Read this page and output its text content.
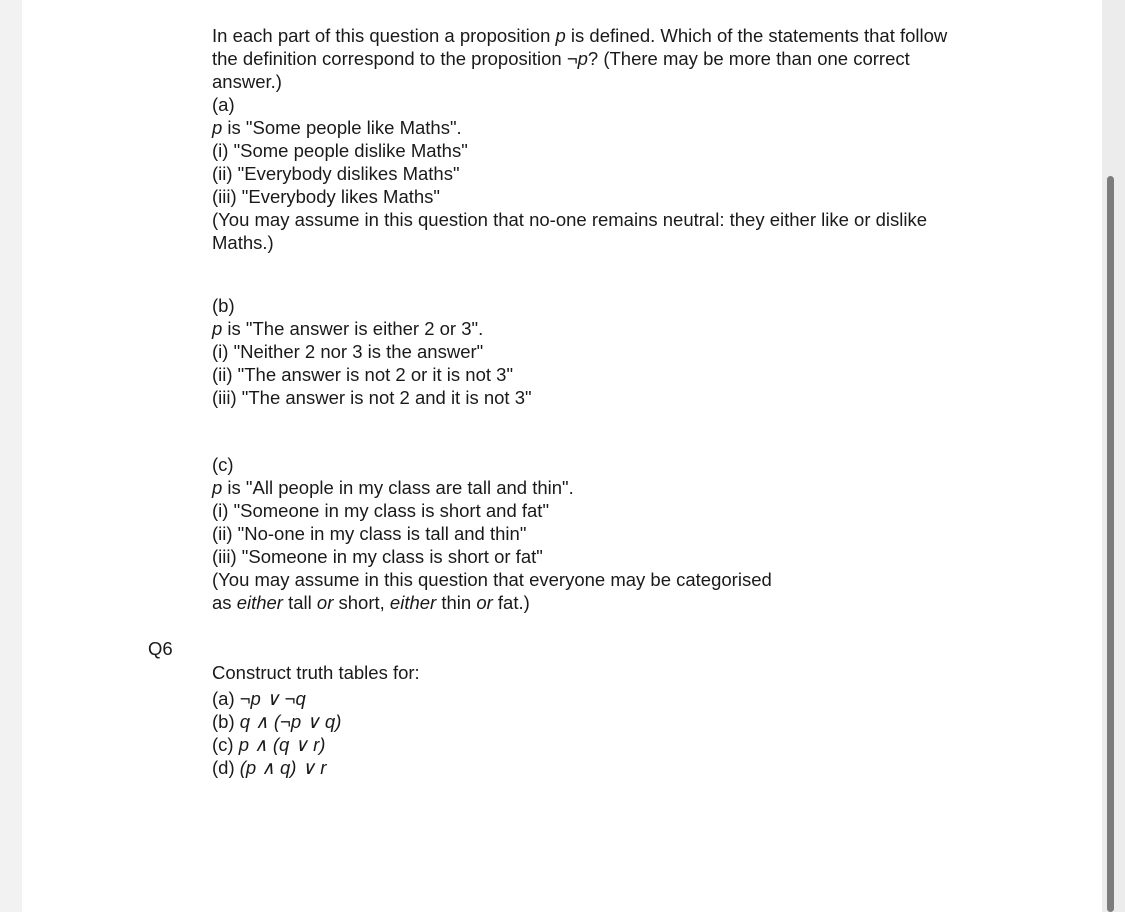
In each part of this question a proposition p is defined. Which of the statements that follow
the definition correspond to the proposition ¬p? (There may be more than one correct
answer.)
(a)
p is "Some people like Maths".
(i) "Some people dislike Maths"
(ii) "Everybody dislikes Maths"
(iii) "Everybody likes Maths"
(You may assume in this question that no-one remains neutral: they either like or dislike
Maths.)
(b)
p is "The answer is either 2 or 3".
(i) "Neither 2 nor 3 is the answer"
(ii) "The answer is not 2 or it is not 3"
(iii) "The answer is not 2 and it is not 3"
(c)
p is "All people in my class are tall and thin".
(i) "Someone in my class is short and fat"
(ii) "No-one in my class is tall and thin"
(iii) "Someone in my class is short or fat"
(You may assume in this question that everyone may be categorised
as either tall or short, either thin or fat.)
Q6
Construct truth tables for:
(a) ¬p ∨ ¬q
(b) q ∧ (¬p ∨ q)
(c) p ∧ (q ∨ r)
(d) (p ∧ q) ∨ r
